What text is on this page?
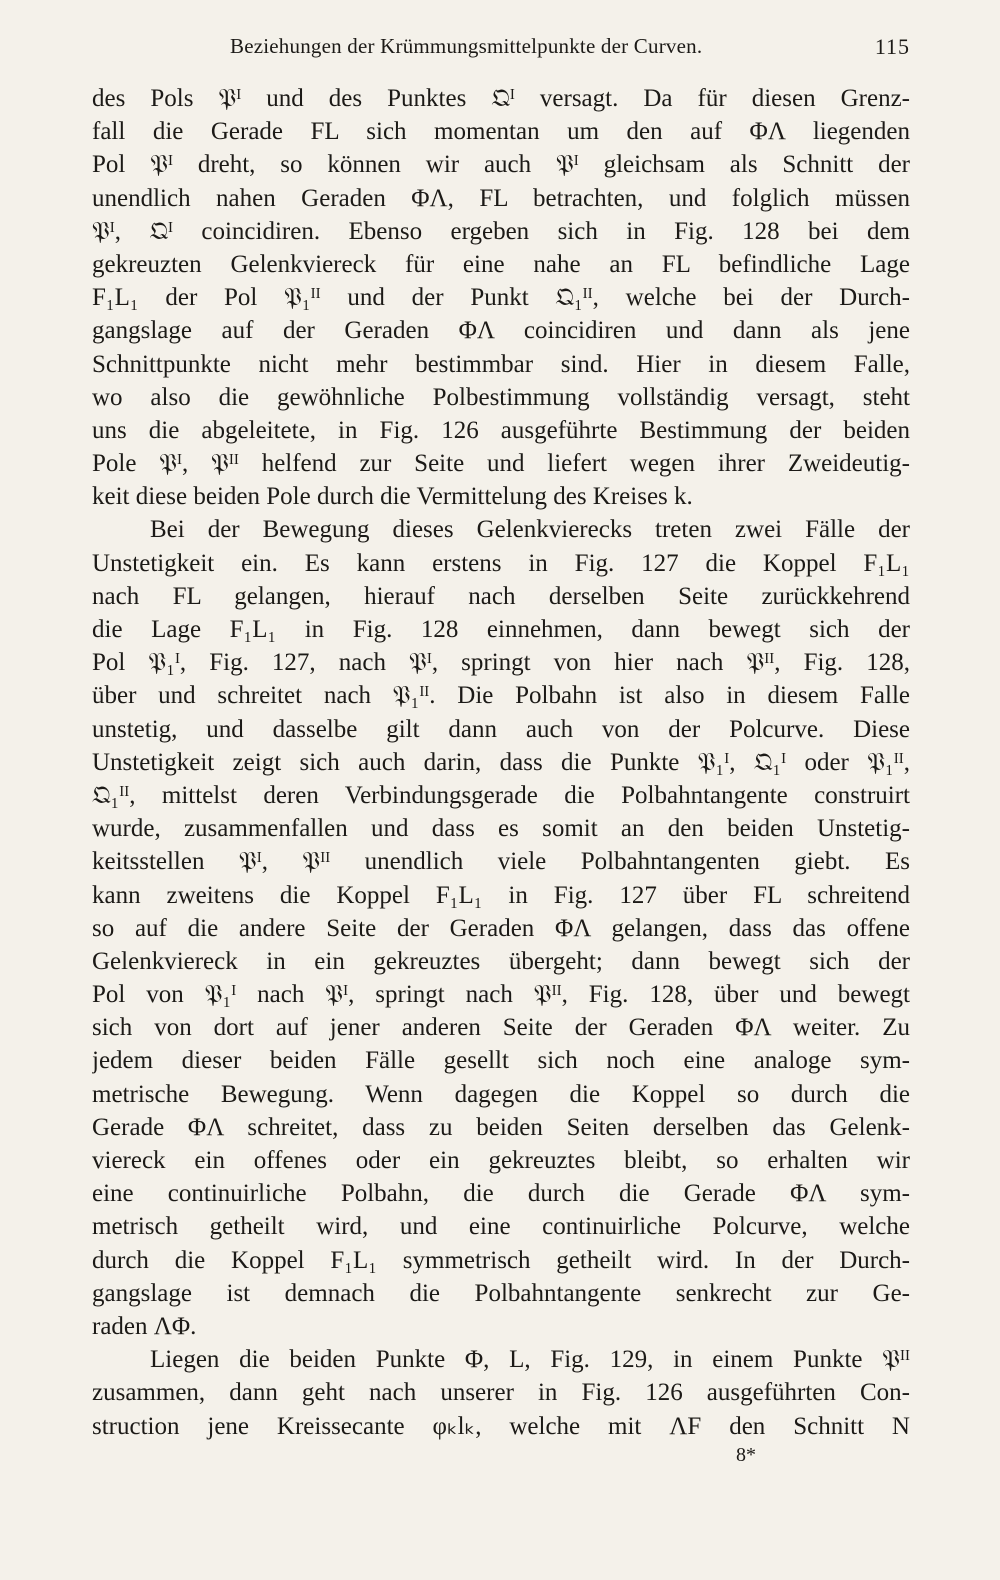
Beziehungen der Krümmungsmittelpunkte der Curven.	115
des Pols 𝔓ᴵ und des Punktes 𝔔ᴵ versagt. Da für diesen Grenz-
fall die Gerade FL sich momentan um den auf ΦΛ liegenden
Pol 𝔓ᴵ dreht, so können wir auch 𝔓ᴵ gleichsam als Schnitt der
unendlich nahen Geraden ΦΛ, FL betrachten, und folglich müssen
𝔓ᴵ, 𝔔ᴵ coincidiren. Ebenso ergeben sich in Fig. 128 bei dem
gekreuzten Gelenkviereck für eine nahe an FL befindliche Lage
F₁L₁ der Pol 𝔓₁ᴵᴵ und der Punkt 𝔔₁ᴵᴵ, welche bei der Durch-
gangslage auf der Geraden ΦΛ coincidiren und dann als jene
Schnittpunkte nicht mehr bestimmbar sind. Hier in diesem Falle,
wo also die gewöhnliche Polbestimmung vollständig versagt, steht
uns die abgeleitete, in Fig. 126 ausgeführte Bestimmung der beiden
Pole 𝔓ᴵ, 𝔓ᴵᴵ helfend zur Seite und liefert wegen ihrer Zweideutig-
keit diese beiden Pole durch die Vermittelung des Kreises k.
Bei der Bewegung dieses Gelenkvierecks treten zwei Fälle der
Unstetigkeit ein. Es kann erstens in Fig. 127 die Koppel F₁L₁
nach FL gelangen, hierauf nach derselben Seite zurückkehrend
die Lage F₁L₁ in Fig. 128 einnehmen, dann bewegt sich der
Pol 𝔓₁ᴵ, Fig. 127, nach 𝔓ᴵ, springt von hier nach 𝔓ᴵᴵ, Fig. 128,
über und schreitet nach 𝔓₁ᴵᴵ. Die Polbahn ist also in diesem Falle
unstetig, und dasselbe gilt dann auch von der Polcurve. Diese
Unstetigkeit zeigt sich auch darin, dass die Punkte 𝔓₁ᴵ, 𝔔₁ᴵ oder 𝔓₁ᴵᴵ,
𝔔₁ᴵᴵ, mittelst deren Verbindungsgerade die Polbahntangente construirt
wurde, zusammenfallen und dass es somit an den beiden Unstetig-
keitsstellen 𝔓ᴵ, 𝔓ᴵᴵ unendlich viele Polbahntangenten giebt. Es
kann zweitens die Koppel F₁L₁ in Fig. 127 über FL schreitend
so auf die andere Seite der Geraden ΦΛ gelangen, dass das offene
Gelenkviereck in ein gekreuztes übergeht; dann bewegt sich der
Pol von 𝔓₁ᴵ nach 𝔓ᴵ, springt nach 𝔓ᴵᴵ, Fig. 128, über und bewegt
sich von dort auf jener anderen Seite der Geraden ΦΛ weiter. Zu
jedem dieser beiden Fälle gesellt sich noch eine analoge sym-
metrische Bewegung. Wenn dagegen die Koppel so durch die
Gerade ΦΛ schreitet, dass zu beiden Seiten derselben das Gelenk-
viereck ein offenes oder ein gekreuztes bleibt, so erhalten wir
eine continuirliche Polbahn, die durch die Gerade ΦΛ sym-
metrisch getheilt wird, und eine continuirliche Polcurve, welche
durch die Koppel F₁L₁ symmetrisch getheilt wird. In der Durch-
gangslage ist demnach die Polbahntangente senkrecht zur Ge-
raden ΛΦ.
Liegen die beiden Punkte Φ, L, Fig. 129, in einem Punkte 𝔓ᴵᴵ
zusammen, dann geht nach unserer in Fig. 126 ausgeführten Con-
struction jene Kreissecante φₖlₖ, welche mit ΛF den Schnitt N
8*
